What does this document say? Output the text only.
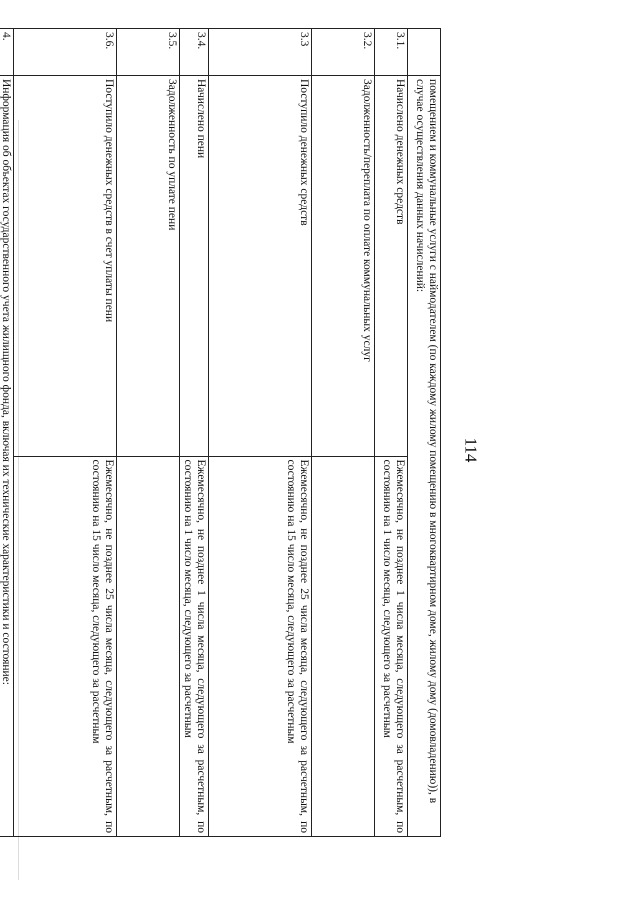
114
	помещением и коммунальные услуги с наймодателем (по каждому жилому помещению в многоквартирном доме, жилому дому (домовладению)), в случае осуществления данных начислений:	
3.1.	Начислено денежных средств	Ежемесячно, не позднее 1 числа месяца, следующего за расчетным, по состоянию на 1 число месяца, следующего за расчетным
3.2.	Задолженность/переплата по оплате коммунальных услуг	
3.3	Поступило денежных средств	Ежемесячно, не позднее 25 числа месяца, следующего за расчетным, по состоянию на 15 число месяца, следующего за расчетным
3.4.	Начислено пени	Ежемесячно, не позднее 1 числа месяца, следующего за расчетным, по состоянию на 1 число месяца, следующего за расчетным
3.5.	Задолженность по уплате пени	
3.6.	Поступило денежных средств в счет уплаты пени	Ежемесячно, не позднее 25 числа месяца, следующего за расчетным, по состоянию на 15 число месяца, следующего за расчетным
4.	Информация об объектах государственного учета жилищного фонда, включая их технические характеристики и состояние:	
